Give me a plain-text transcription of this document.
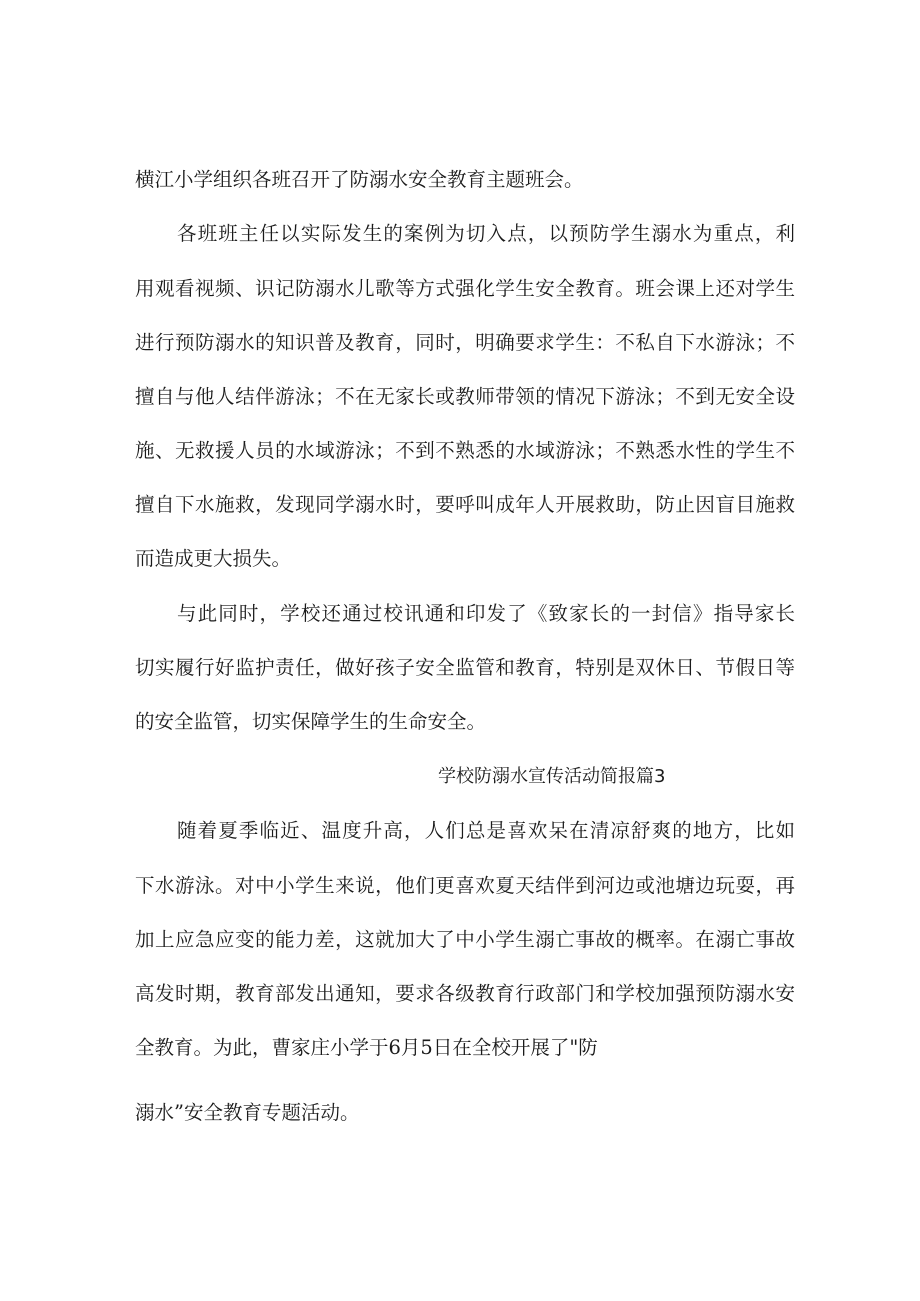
横江小学组织各班召开了防溺水安全教育主题班会。
各班班主任以实际发生的案例为切入点，以预防学生溺水为重点，利
用观看视频、识记防溺水儿歌等方式强化学生安全教育。班会课上还对学生
进行预防溺水的知识普及教育，同时，明确要求学生：不私自下水游泳；不
擅自与他人结伴游泳；不在无家长或教师带领的情况下游泳；不到无安全设
施、无救援人员的水域游泳；不到不熟悉的水域游泳；不熟悉水性的学生不
擅自下水施救，发现同学溺水时，要呼叫成年人开展救助，防止因盲目施救
而造成更大损失。
与此同时，学校还通过校讯通和印发了《致家长的一封信》指导家长
切实履行好监护责任，做好孩子安全监管和教育，特别是双休日、节假日等
的安全监管，切实保障学生的生命安全。
学校防溺水宣传活动简报篇3
随着夏季临近、温度升高，人们总是喜欢呆在清凉舒爽的地方，比如
下水游泳。对中小学生来说，他们更喜欢夏天结伴到河边或池塘边玩耍，再
加上应急应变的能力差，这就加大了中小学生溺亡事故的概率。在溺亡事故
高发时期，教育部发出通知，要求各级教育行政部门和学校加强预防溺水安
全教育。为此，曹家庄小学于6月5日在全校开展了"防
溺水”安全教育专题活动。
